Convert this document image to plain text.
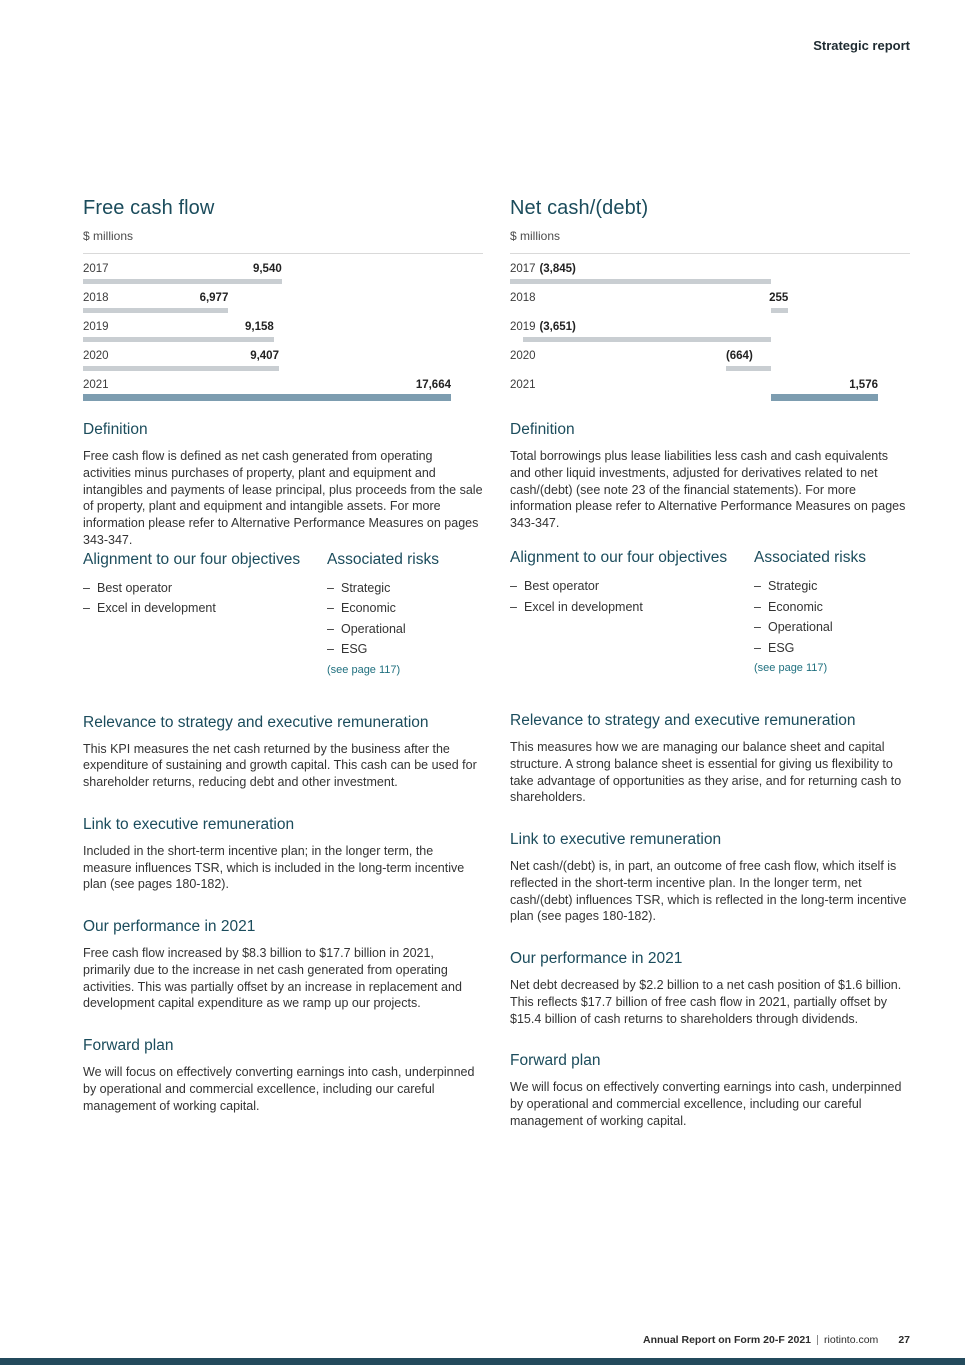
Strategic report
Free cash flow
$ millions
2017	9,540
2018	6,977
2019	9,158
2020	9,407
2021	17,664
Definition

Free cash flow is defined as net cash generated from operating activities minus purchases of property, plant and equipment and intangibles and payments of lease principal, plus proceeds from the sale of property, plant and equipment and intangible assets. For more information please refer to Alternative Performance Measures on pages 343-347.

Alignment to our four objectives
– Best operator
– Excel in development
Associated risks
– Strategic
– Economic
– Operational
– ESG
(see page 117)
Relevance to strategy and executive remuneration

This KPI measures the net cash returned by the business after the expenditure of sustaining and growth capital. This cash can be used for shareholder returns, reducing debt and other investment.

Link to executive remuneration

Included in the short-term incentive plan; in the longer term, the measure influences TSR, which is included in the long-term incentive plan (see pages 180-182).

Our performance in 2021

Free cash flow increased by $8.3 billion to $17.7 billion in 2021, primarily due to the increase in net cash generated from operating activities. This was partially offset by an increase in replacement and development capital expenditure as we ramp up our projects.

Forward plan

We will focus on effectively converting earnings into cash, underpinned by operational and commercial excellence, including our careful management of working capital.

Net cash/(debt)
$ millions
2017 (3,845)
2018	255
2019 (3,651)
2020	(664)
2021	1,576
Definition

Total borrowings plus lease liabilities less cash and cash equivalents and other liquid investments, adjusted for derivatives related to net cash/(debt) (see note 23 of the financial statements). For more information please refer to Alternative Performance Measures on pages 343-347.

Alignment to our four objectives
– Best operator
– Excel in development
Associated risks
– Strategic
– Economic
– Operational
– ESG
(see page 117)
Relevance to strategy and executive remuneration

This measures how we are managing our balance sheet and capital structure. A strong balance sheet is essential for giving us flexibility to take advantage of opportunities as they arise, and for returning cash to shareholders.

Link to executive remuneration

Net cash/(debt) is, in part, an outcome of free cash flow, which itself is reflected in the short-term incentive plan. In the longer term, net cash/(debt) influences TSR, which is reflected in the long-term incentive plan (see pages 180-182).

Our performance in 2021

Net debt decreased by $2.2 billion to a net cash position of $1.6 billion. This reflects $17.7 billion of free cash flow in 2021, partially offset by $15.4 billion of cash returns to shareholders through dividends.

Forward plan

We will focus on effectively converting earnings into cash, underpinned by operational and commercial excellence, including our careful management of working capital.

Annual Report on Form 20-F 2021 riotinto.com 27
